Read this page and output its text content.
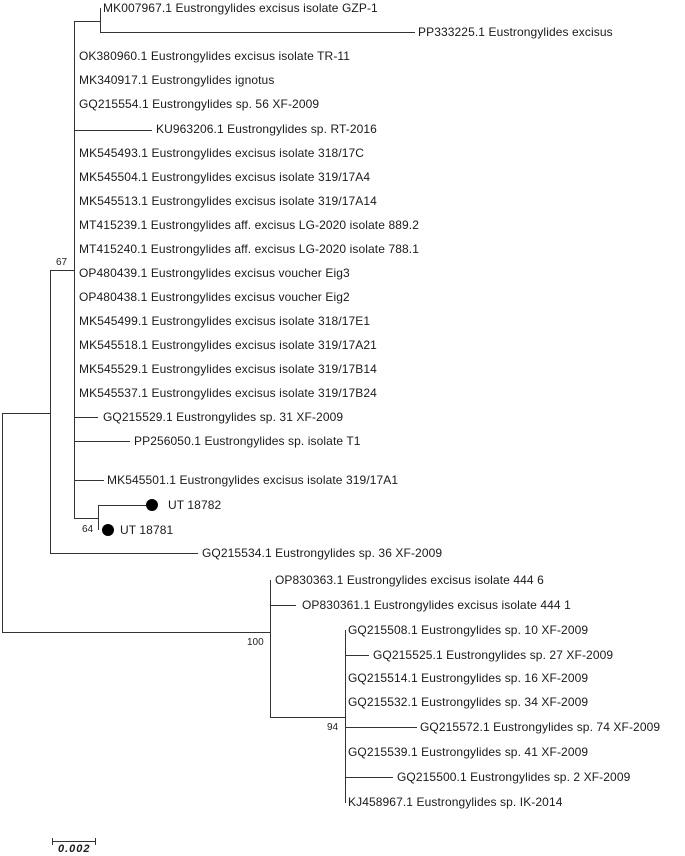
MK007967.1 Eustrongylides excisus isolate GZP-1
PP333225.1 Eustrongylides excisus
OK380960.1 Eustrongylides excisus isolate TR-11
MK340917.1 Eustrongylides ignotus
GQ215554.1 Eustrongylides sp. 56 XF-2009
KU963206.1 Eustrongylides sp. RT-2016
MK545493.1 Eustrongylides excisus isolate 318/17C
MK545504.1 Eustrongylides excisus isolate 319/17A4
MK545513.1 Eustrongylides excisus isolate 319/17A14
MT415239.1 Eustrongylides aff. excisus LG-2020 isolate 889.2
MT415240.1 Eustrongylides aff. excisus LG-2020 isolate 788.1
OP480439.1 Eustrongylides excisus voucher Eig3
OP480438.1 Eustrongylides excisus voucher Eig2
MK545499.1 Eustrongylides excisus isolate 318/17E1
MK545518.1 Eustrongylides excisus isolate 319/17A21
MK545529.1 Eustrongylides excisus isolate 319/17B14
MK545537.1 Eustrongylides excisus isolate 319/17B24
GQ215529.1 Eustrongylides sp. 31 XF-2009
PP256050.1 Eustrongylides sp. isolate T1
MK545501.1 Eustrongylides excisus isolate 319/17A1
UT 18782
UT 18781
GQ215534.1 Eustrongylides sp. 36 XF-2009
OP830363.1 Eustrongylides excisus isolate 444 6
OP830361.1 Eustrongylides excisus isolate 444 1
GQ215508.1 Eustrongylides sp. 10 XF-2009
GQ215525.1 Eustrongylides sp. 27 XF-2009
GQ215514.1 Eustrongylides sp. 16 XF-2009
GQ215532.1 Eustrongylides sp. 34 XF-2009
GQ215572.1 Eustrongylides sp. 74 XF-2009
GQ215539.1 Eustrongylides sp. 41 XF-2009
GQ215500.1 Eustrongylides sp. 2 XF-2009
KJ458967.1 Eustrongylides sp. IK-2014
67
64
100
94
0.002
